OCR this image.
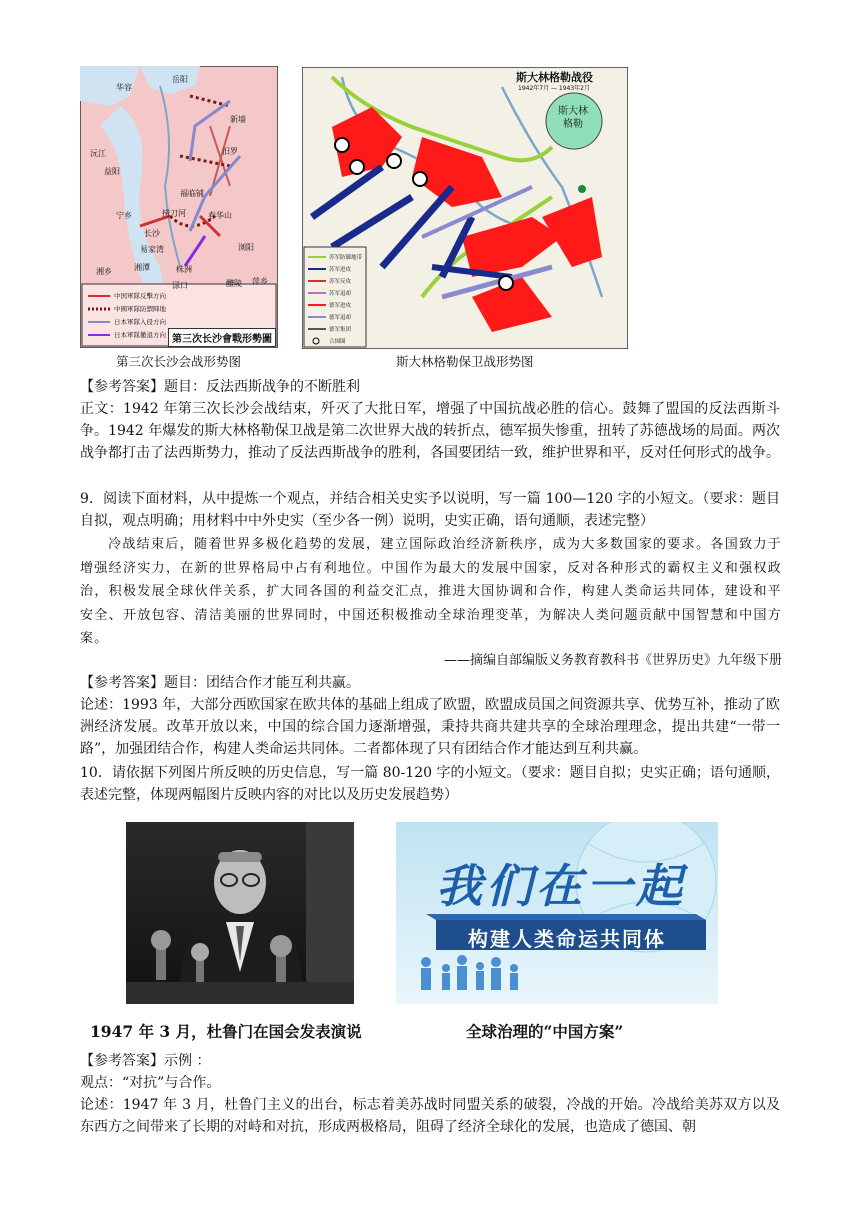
岳阳
华容
新墙
沅江
益阳
汨罗
宁乡
福临铺
捞刀河
长沙
易家湾
湘潭	株洲
渌口
浏阳
春华山
湘乡
醴陵 萍乡
中国軍隊反擊方向
中國軍隊防禦陣地
日本軍隊入侵方向
日本軍隊撤退方向 第三次长沙會戰形勢圖
第三次长沙会战形势图
斯大林格勒战役
1942年7月 — 1943年2月
斯大林格勒
苏军防御地带
苏军进攻
苏军反攻
苏军退却
德军进攻
德军退却
德军集团
合围圈
斯大林格勒保卫战形势图
【参考答案】题目：反法西斯战争的不断胜利
正文：1942 年第三次长沙会战结束，歼灭了大批日军，增强了中国抗战必胜的信心。鼓舞了盟国的反法西斯斗争。1942 年爆发的斯大林格勒保卫战是第二次世界大战的转折点，德军损失惨重，扭转了苏德战场的局面。两次战争都打击了法西斯势力，推动了反法西斯战争的胜利，各国要团结一致，维护世界和平，反对任何形式的战争。
9．阅读下面材料，从中提炼一个观点，并结合相关史实予以说明，写一篇 100—120 字的小短文。（要求：题目自拟，观点明确；用材料中中外史实（至少各一例）说明，史实正确，语句通顺，表述完整）
冷战结束后，随着世界多极化趋势的发展，建立国际政治经济新秩序，成为大多数国家的要求。各国致力于增强经济实力，在新的世界格局中占有利地位。中国作为最大的发展中国家，反对各种形式的霸权主义和强权政治，积极发展全球伙伴关系，扩大同各国的利益交汇点，推进大国协调和合作，构建人类命运共同体，建设和平安全、开放包容、清洁美丽的世界同时，中国还积极推动全球治理变革，为解决人类问题贡献中国智慧和中国方案。
——摘编自部编版义务教育教科书《世界历史》九年级下册
【参考答案】题目：团结合作才能互利共赢。
论述：1993 年，大部分西欧国家在欧共体的基础上组成了欧盟，欧盟成员国之间资源共享、优势互补，推动了欧洲经济发展。改革开放以来，中国的综合国力逐渐增强，秉持共商共建共享的全球治理理念，提出共建“一带一路”，加强团结合作，构建人类命运共同体。二者都体现了只有团结合作才能达到互利共赢。
10．请依据下列图片所反映的历史信息，写一篇 80-120 字的小短文。（要求：题目自拟；史实正确；语句通顺，表述完整，体现两幅图片反映内容的对比以及历史发展趋势）
1947 年 3 月，杜鲁门在国会发表演说
我们在一起
构建人类命运共同体
全球治理的“中国方案”
【参考答案】示例 ：
观点：“对抗”与合作。
论述：1947 年 3 月，杜鲁门主义的出台，标志着美苏战时同盟关系的破裂，冷战的开始。冷战给美苏双方以及东西方之间带来了长期的对峙和对抗，形成两极格局，阻碍了经济全球化的发展，也造成了德国、朝
